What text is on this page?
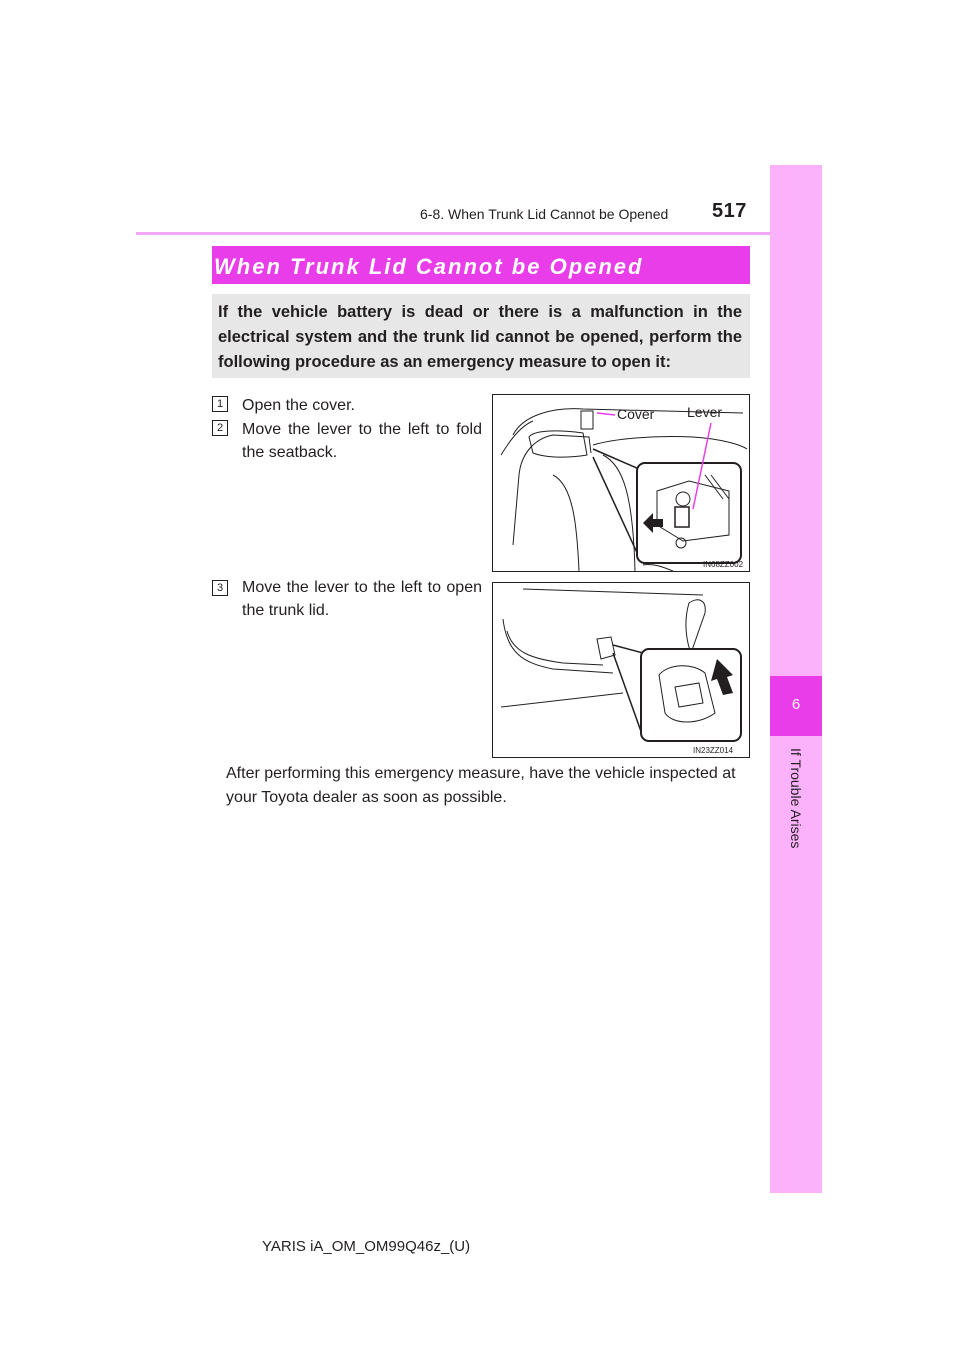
6-8. When Trunk Lid Cannot be Opened 517
6
If Trouble Arises
When Trunk Lid Cannot be Opened
If the vehicle battery is dead or there is a malfunction in the electrical system and the trunk lid cannot be opened, perform the following procedure as an emergency measure to open it:
1	Open the cover.
2	Move the lever to the left to fold the seatback.
3	Move the lever to the left to open the trunk lid.
Cover Lever
IN68ZZ002
IN23ZZ014
After performing this emergency measure, have the vehicle inspected at your Toyota dealer as soon as possible.
YARIS iA_OM_OM99Q46z_(U)
